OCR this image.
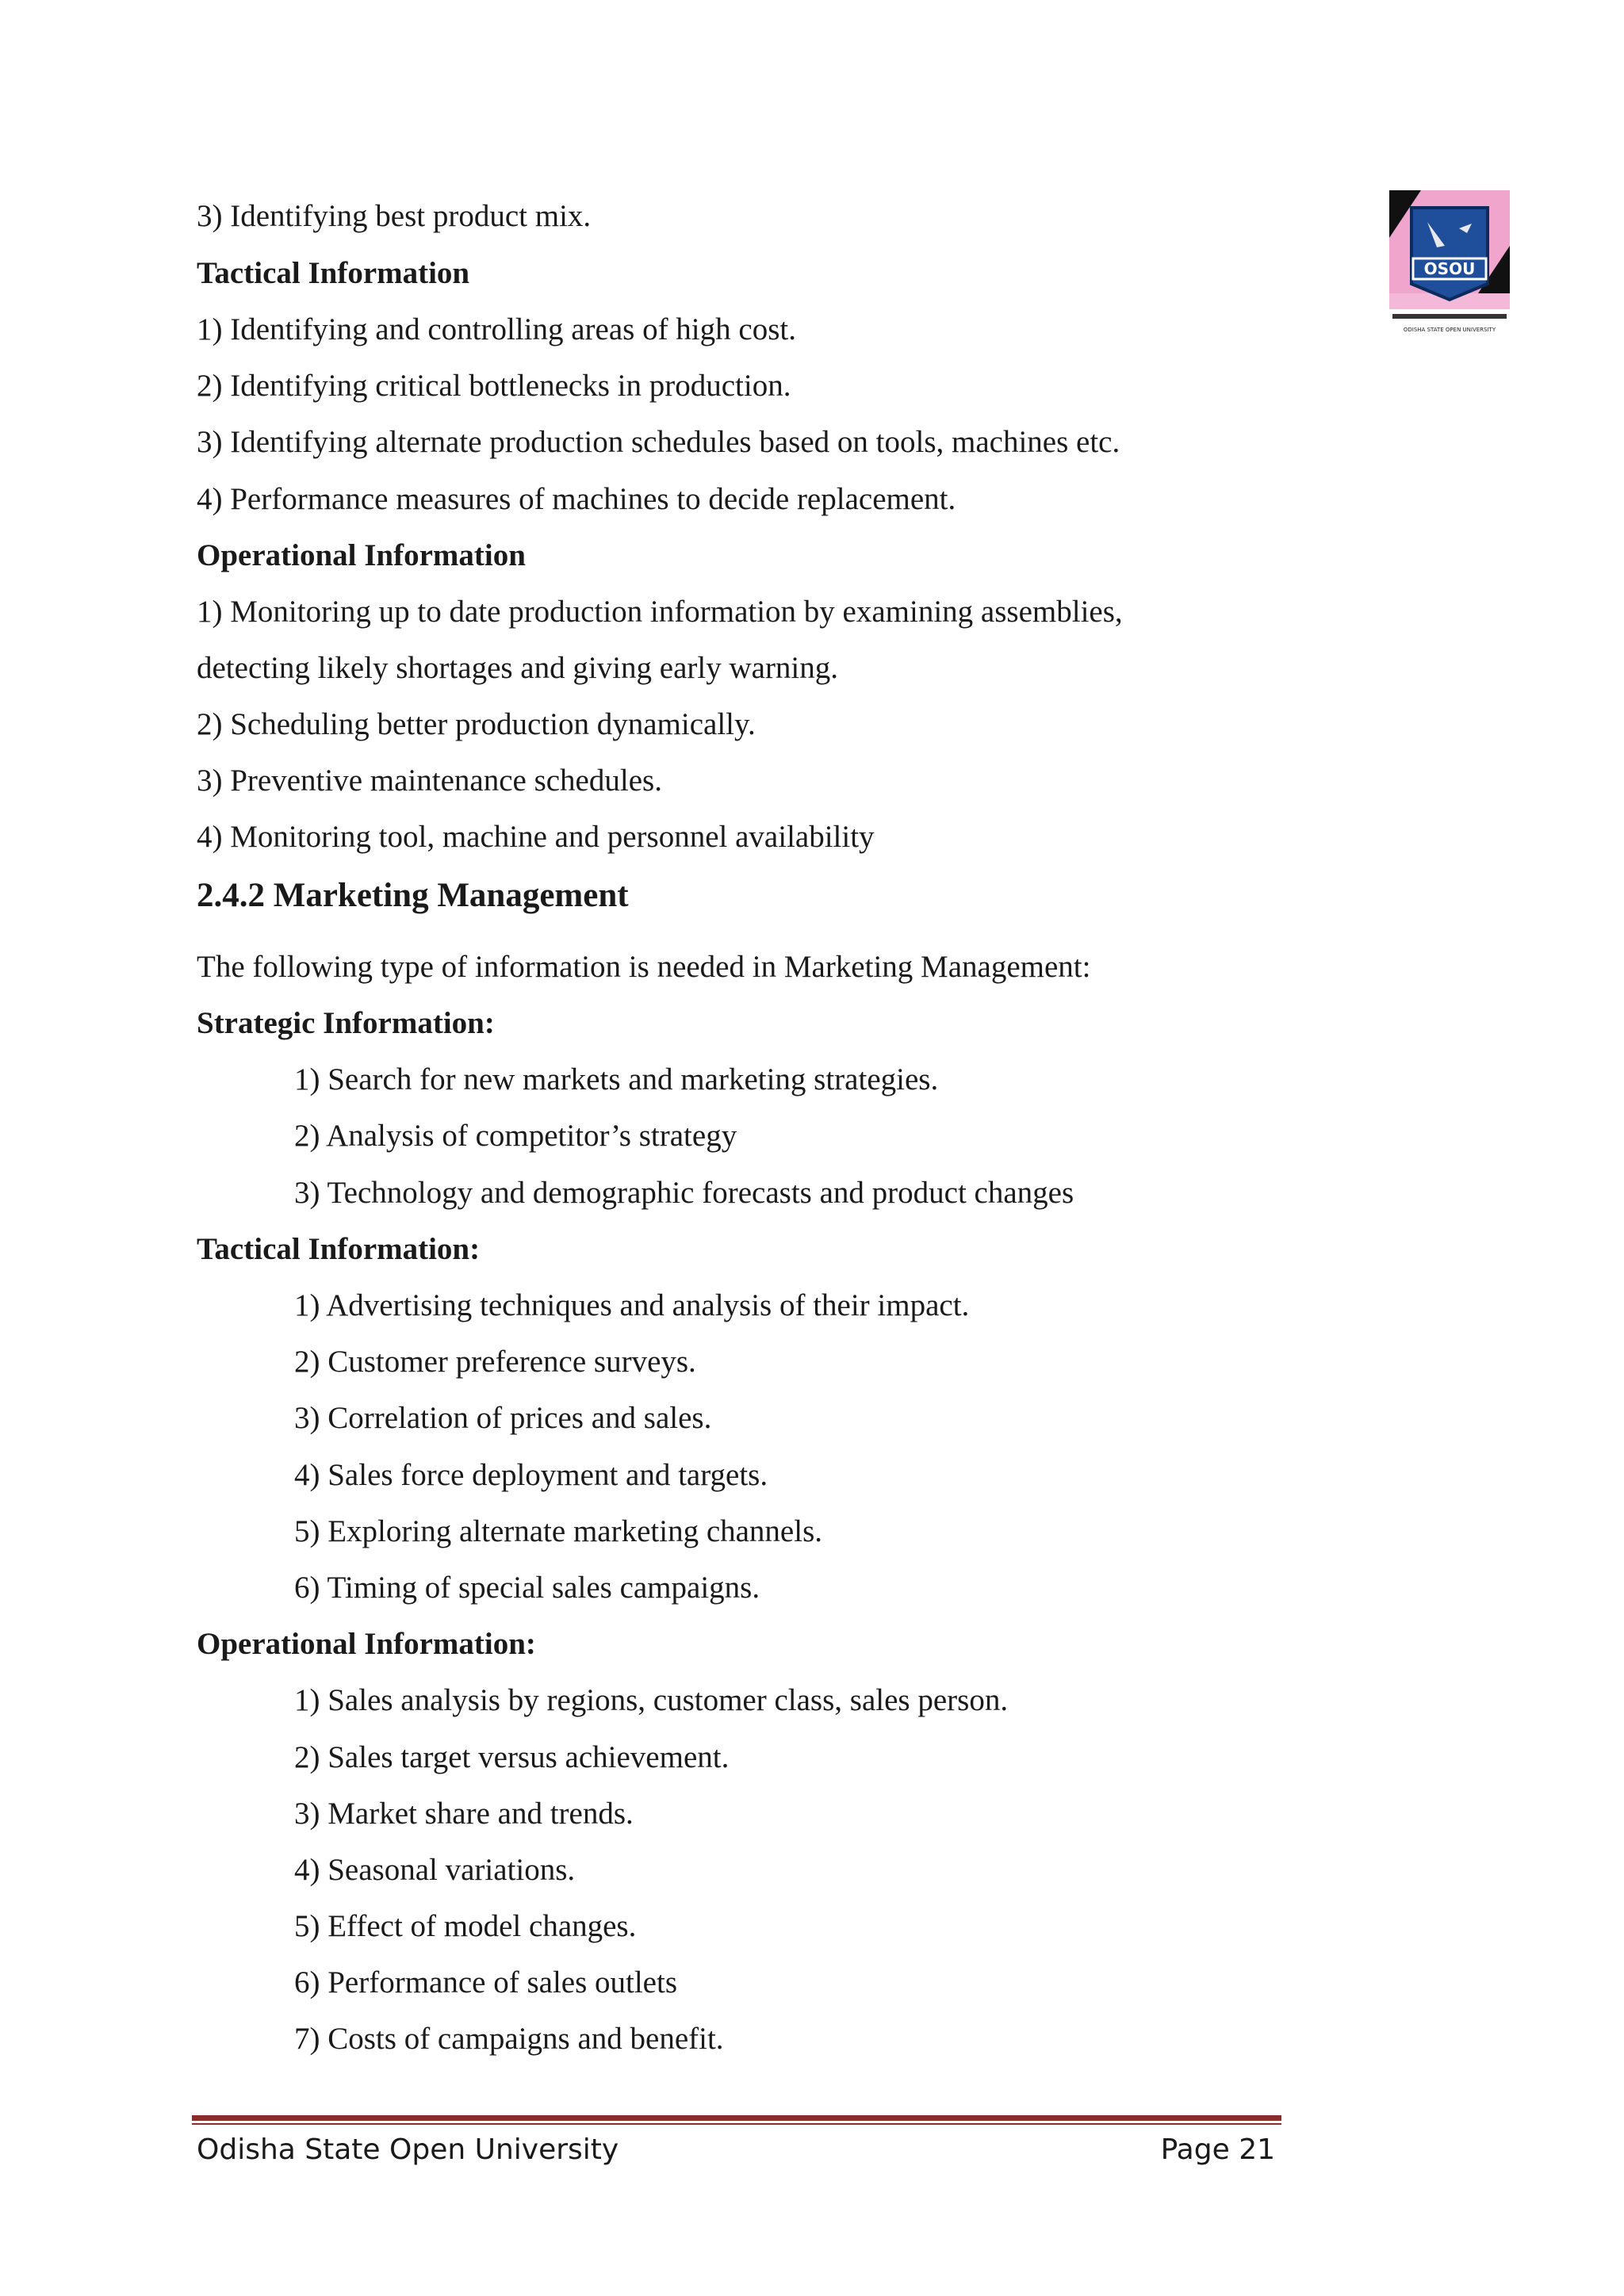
OSOU
ODISHA STATE OPEN UNIVERSITY

3) Identifying best product mix.

Tactical Information

1) Identifying and controlling areas of high cost.

2) Identifying critical bottlenecks in production.

3) Identifying alternate production schedules based on tools, machines etc.

4) Performance measures of machines to decide replacement.

Operational Information

1) Monitoring up to date production information by examining assemblies,

detecting likely shortages and giving early warning.

2) Scheduling better production dynamically.

3) Preventive maintenance schedules.

4) Monitoring tool, machine and personnel availability

2.4.2 Marketing Management

The following type of information is needed in Marketing Management:

Strategic Information:

1) Search for new markets and marketing strategies.

2) Analysis of competitor’s strategy

3) Technology and demographic forecasts and product changes

Tactical Information:

1) Advertising techniques and analysis of their impact.

2) Customer preference surveys.

3) Correlation of prices and sales.

4) Sales force deployment and targets.

5) Exploring alternate marketing channels.

6) Timing of special sales campaigns.

Operational Information:

1) Sales analysis by regions, customer class, sales person.

2) Sales target versus achievement.

3) Market share and trends.

4) Seasonal variations.

5) Effect of model changes.

6) Performance of sales outlets

7) Costs of campaigns and benefit.

Odisha State Open University	Page 21
